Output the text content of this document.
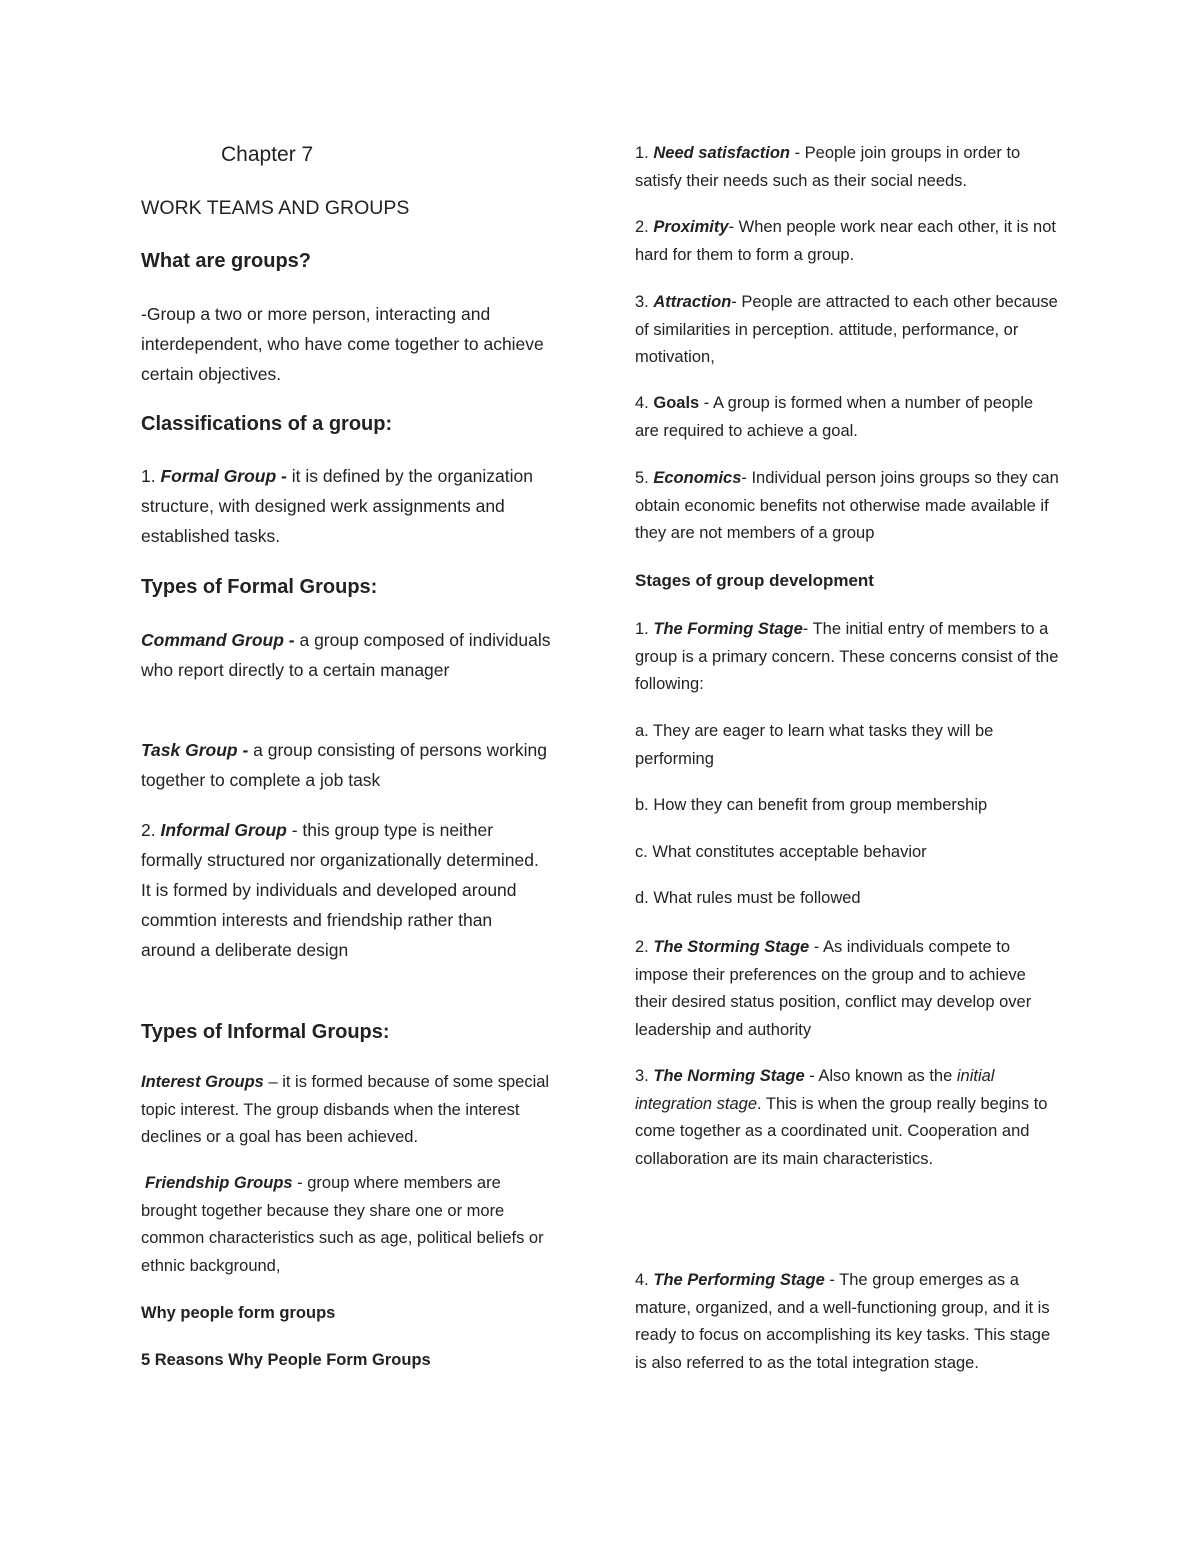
Chapter 7
WORK TEAMS AND GROUPS
What are groups?

-Group a two or more person, interacting and interdependent, who have come together to achieve certain objectives.

Classifications of a group:

1. Formal Group - it is defined by the organization structure, with designed werk assignments and established tasks.

Types of Formal Groups:

Command Group - a group composed of individuals who report directly to a certain manager

Task Group - a group consisting of persons working together to complete a job task

2. Informal Group - this group type is neither formally structured nor organizationally determined. It is formed by individuals and developed around commtion interests and friendship rather than around a deliberate design

Types of Informal Groups:

Interest Groups – it is formed because of some special topic interest. The group disbands when the interest declines or a goal has been achieved.

Friendship Groups - group where members are brought together because they share one or more common characteristics such as age, political beliefs or ethnic background,

Why people form groups
5 Reasons Why People Form Groups

1. Need satisfaction - People join groups in order to satisfy their needs such as their social needs.

2. Proximity- When people work near each other, it is not hard for them to form a group.

3. Attraction- People are attracted to each other because of similarities in perception. attitude, performance, or motivation,

4. Goals - A group is formed when a number of people are required to achieve a goal.

5. Economics- Individual person joins groups so they can obtain economic benefits not otherwise made available if they are not members of a group

Stages of group development

1. The Forming Stage- The initial entry of members to a group is a primary concern. These concerns consist of the following:

a. They are eager to learn what tasks they will be performing

b. How they can benefit from group membership

c. What constitutes acceptable behavior

d. What rules must be followed

2. The Storming Stage - As individuals compete to impose their preferences on the group and to achieve their desired status position, conflict may develop over leadership and authority

3. The Norming Stage - Also known as the initial integration stage. This is when the group really begins to come together as a coordinated unit. Cooperation and collaboration are its main characteristics.

4. The Performing Stage - The group emerges as a mature, organized, and a well-functioning group, and it is ready to focus on accomplishing its key tasks. This stage is also referred to as the total integration stage.
